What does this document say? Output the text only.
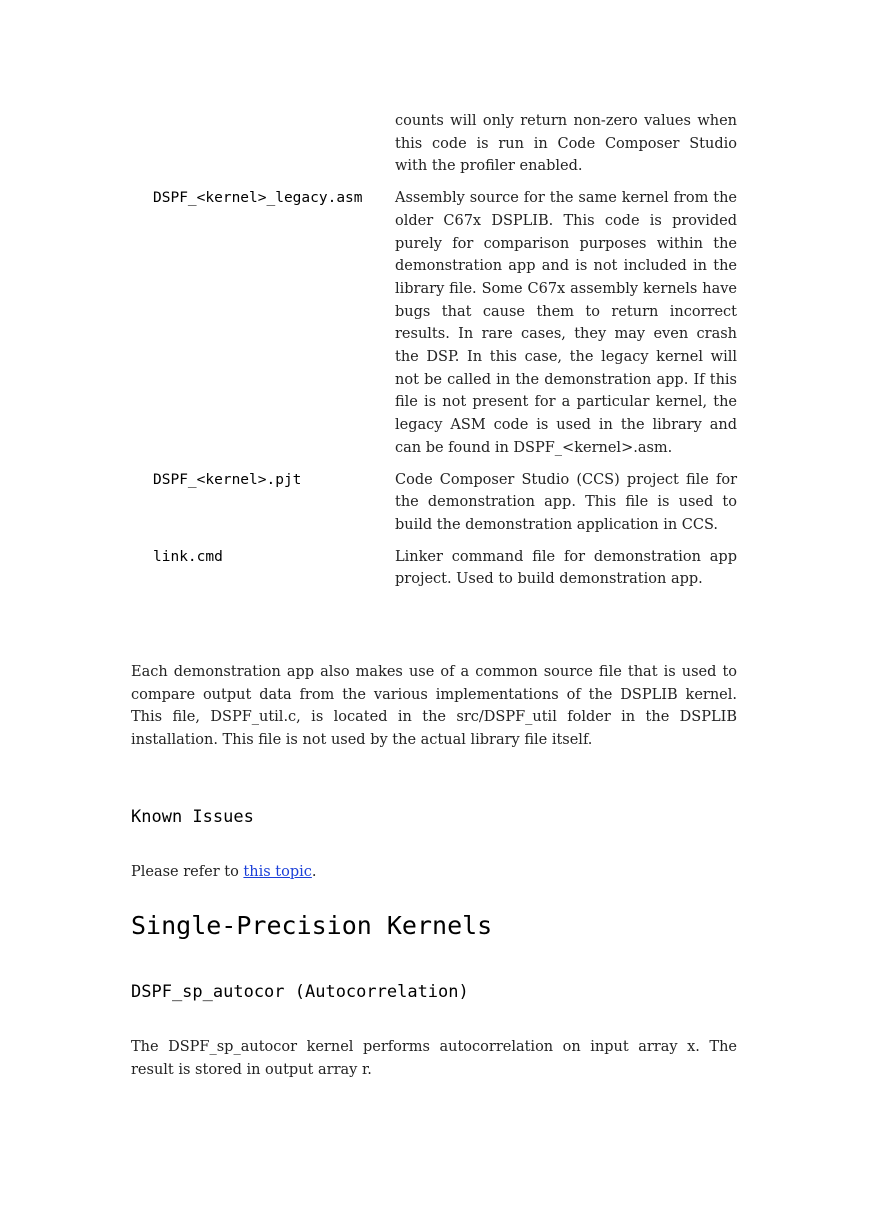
counts will only return non-zero values when this code is run in Code Composer Studio with the profiler enabled.
DSPF_<kernel>_legacy.asm	Assembly source for the same kernel from the older C67x DSPLIB. This code is provided purely for comparison purposes within the demonstration app and is not included in the library file. Some C67x assembly kernels have bugs that cause them to return incorrect results. In rare cases, they may even crash the DSP. In this case, the legacy kernel will not be called in the demonstration app. If this file is not present for a particular kernel, the legacy ASM code is used in the library and can be found in DSPF_<kernel>.asm.
DSPF_<kernel>.pjt	Code Composer Studio (CCS) project file for the demonstration app. This file is used to build the demonstration application in CCS.
link.cmd	Linker command file for demonstration app project. Used to build demonstration app.

Each demonstration app also makes use of a common source file that is used to compare output data from the various implementations of the DSPLIB kernel. This file, DSPF_util.c, is located in the src/DSPF_util folder in the DSPLIB installation. This file is not used by the actual library file itself.

Known Issues

Please refer to this topic.

Single-Precision Kernels
DSPF_sp_autocor (Autocorrelation)

The DSPF_sp_autocor kernel performs autocorrelation on input array x. The result is stored in output array r.
